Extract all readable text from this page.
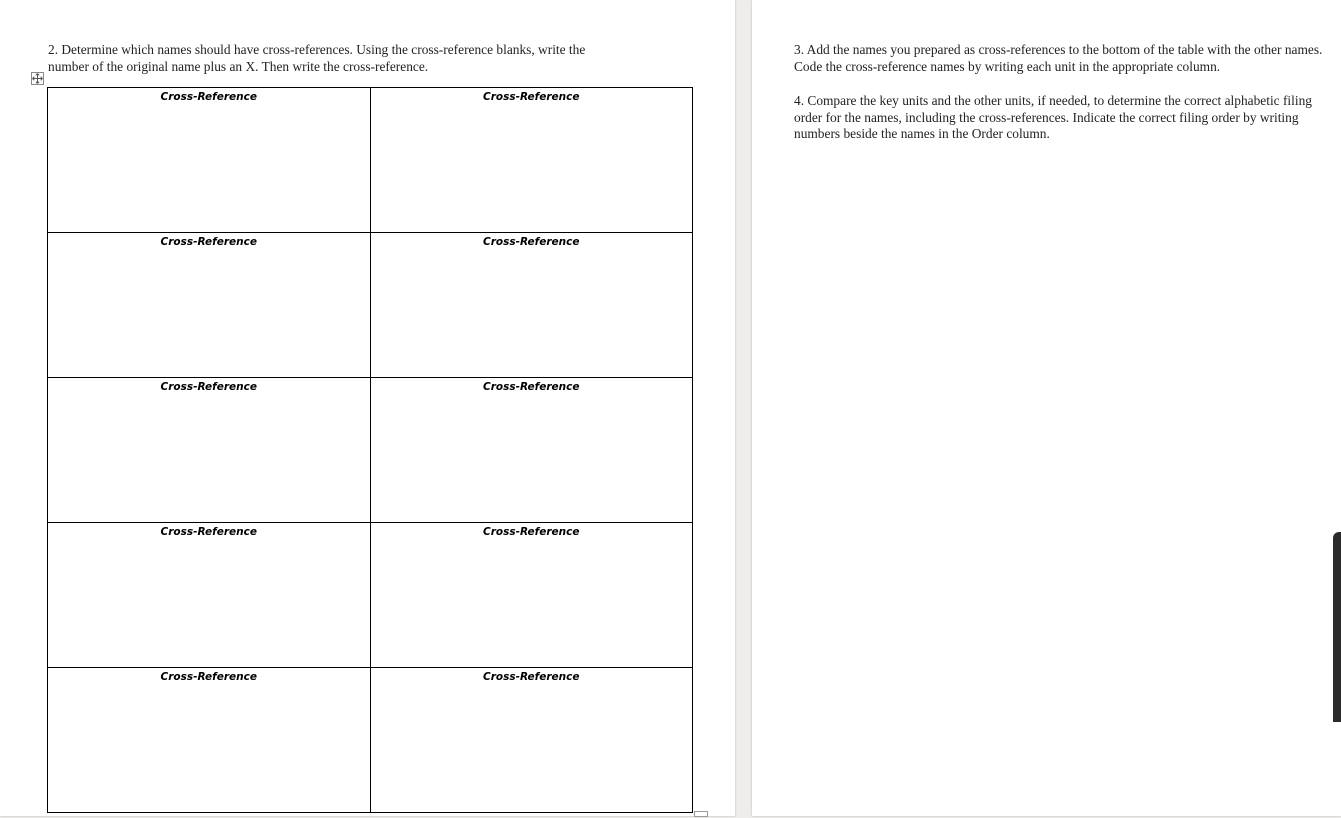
2. Determine which names should have cross-references. Using the cross-reference blanks, write the number of the original name plus an X. Then write the cross-reference.

Cross-Reference	Cross-Reference

Cross-Reference	Cross-Reference

Cross-Reference	Cross-Reference

Cross-Reference	Cross-Reference

Cross-Reference	Cross-Reference

3. Add the names you prepared as cross-references to the bottom of the table with the other names. Code the cross-reference names by writing each unit in the appropriate column.

4. Compare the key units and the other units, if needed, to determine the correct alphabetic filing order for the names, including the cross-references. Indicate the correct filing order by writing numbers beside the names in the Order column.
